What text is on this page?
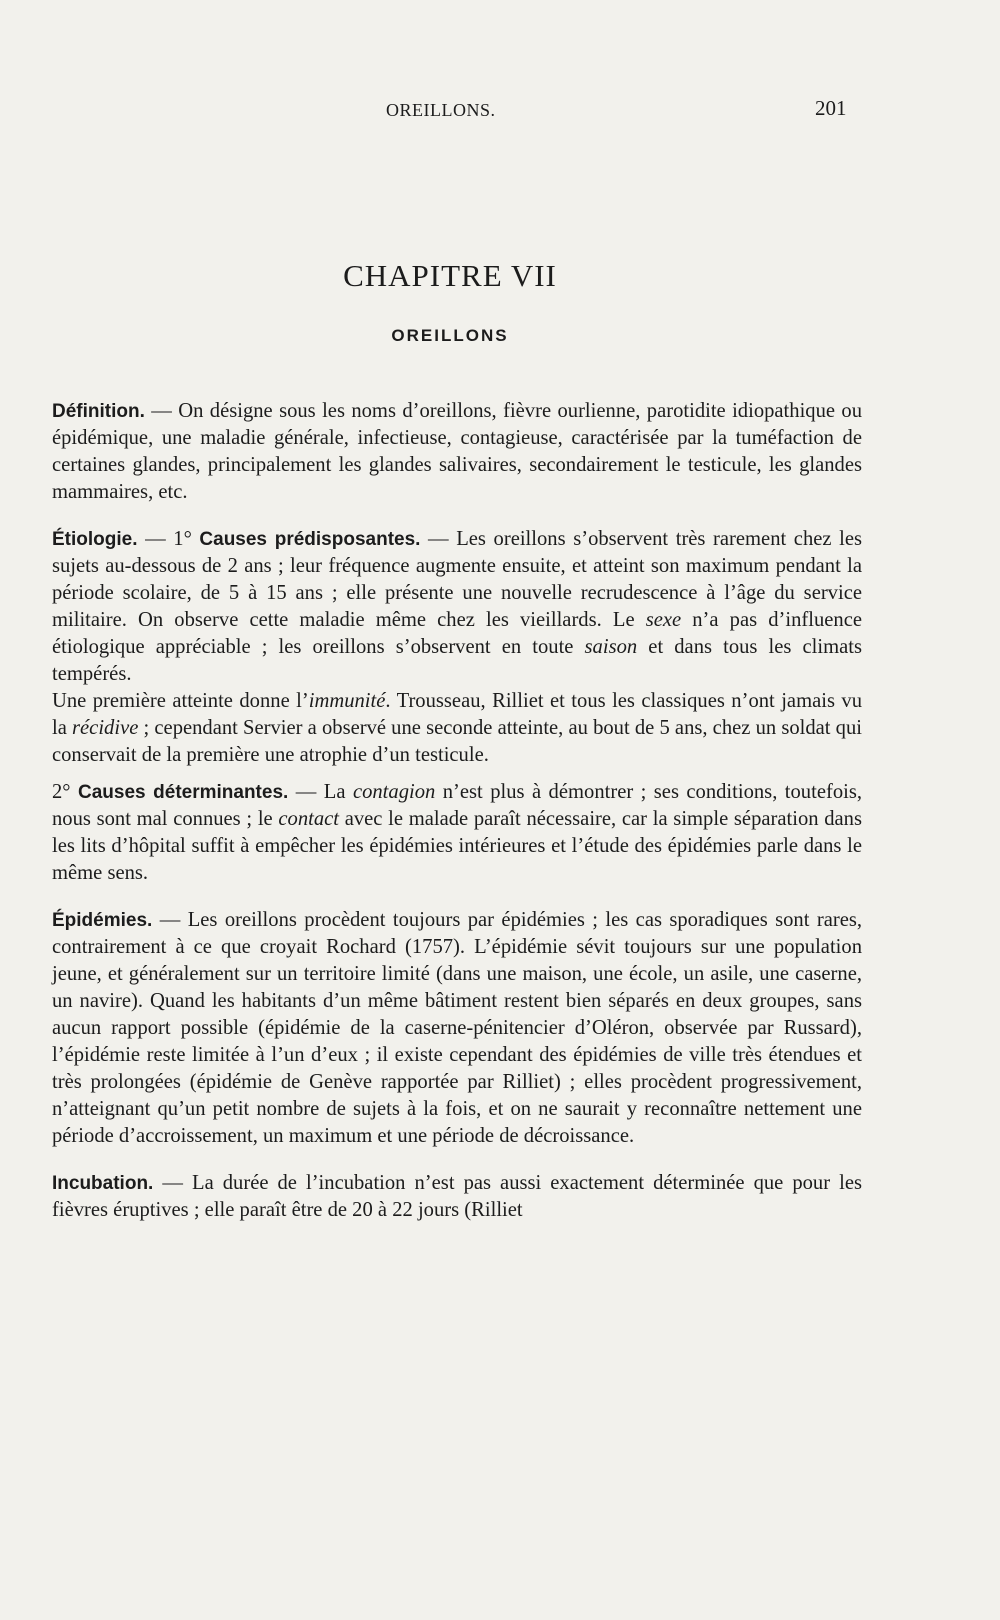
OREILLONS.	201
CHAPITRE VII
OREILLONS

Définition. — On désigne sous les noms d’oreillons, fièvre ourlienne, parotidite idiopathique ou épidémique, une maladie générale, infectieuse, contagieuse, caractérisée par la tuméfaction de certaines glandes, principalement les glandes salivaires, secondairement le testicule, les glandes mammaires, etc.

Étiologie. — 1° Causes prédisposantes. — Les oreillons s’observent très rarement chez les sujets au-dessous de 2 ans ; leur fréquence augmente ensuite, et atteint son maximum pendant la période scolaire, de 5 à 15 ans ; elle présente une nouvelle recrudescence à l’âge du service militaire. On observe cette maladie même chez les vieillards. Le sexe n’a pas d’influence étiologique appréciable ; les oreillons s’observent en toute saison et dans tous les climats tempérés.

Une première atteinte donne l’immunité. Trousseau, Rilliet et tous les classiques n’ont jamais vu la récidive ; cependant Servier a observé une seconde atteinte, au bout de 5 ans, chez un soldat qui conservait de la première une atrophie d’un testicule.

2° Causes déterminantes. — La contagion n’est plus à démontrer ; ses conditions, toutefois, nous sont mal connues ; le contact avec le malade paraît nécessaire, car la simple séparation dans les lits d’hôpital suffit à empêcher les épidémies intérieures et l’étude des épidémies parle dans le même sens.

Épidémies. — Les oreillons procèdent toujours par épidémies ; les cas sporadiques sont rares, contrairement à ce que croyait Rochard (1757). L’épidémie sévit toujours sur une population jeune, et généralement sur un territoire limité (dans une maison, une école, un asile, une caserne, un navire). Quand les habitants d’un même bâtiment restent bien séparés en deux groupes, sans aucun rapport possible (épidémie de la caserne-pénitencier d’Oléron, observée par Russard), l’épidémie reste limitée à l’un d’eux ; il existe cependant des épidémies de ville très étendues et très prolongées (épidémie de Genève rapportée par Rilliet) ; elles procèdent progressivement, n’atteignant qu’un petit nombre de sujets à la fois, et on ne saurait y reconnaître nettement une période d’accroissement, un maximum et une période de décroissance.

Incubation. — La durée de l’incubation n’est pas aussi exactement déterminée que pour les fièvres éruptives ; elle paraît être de 20 à 22 jours (Rilliet
